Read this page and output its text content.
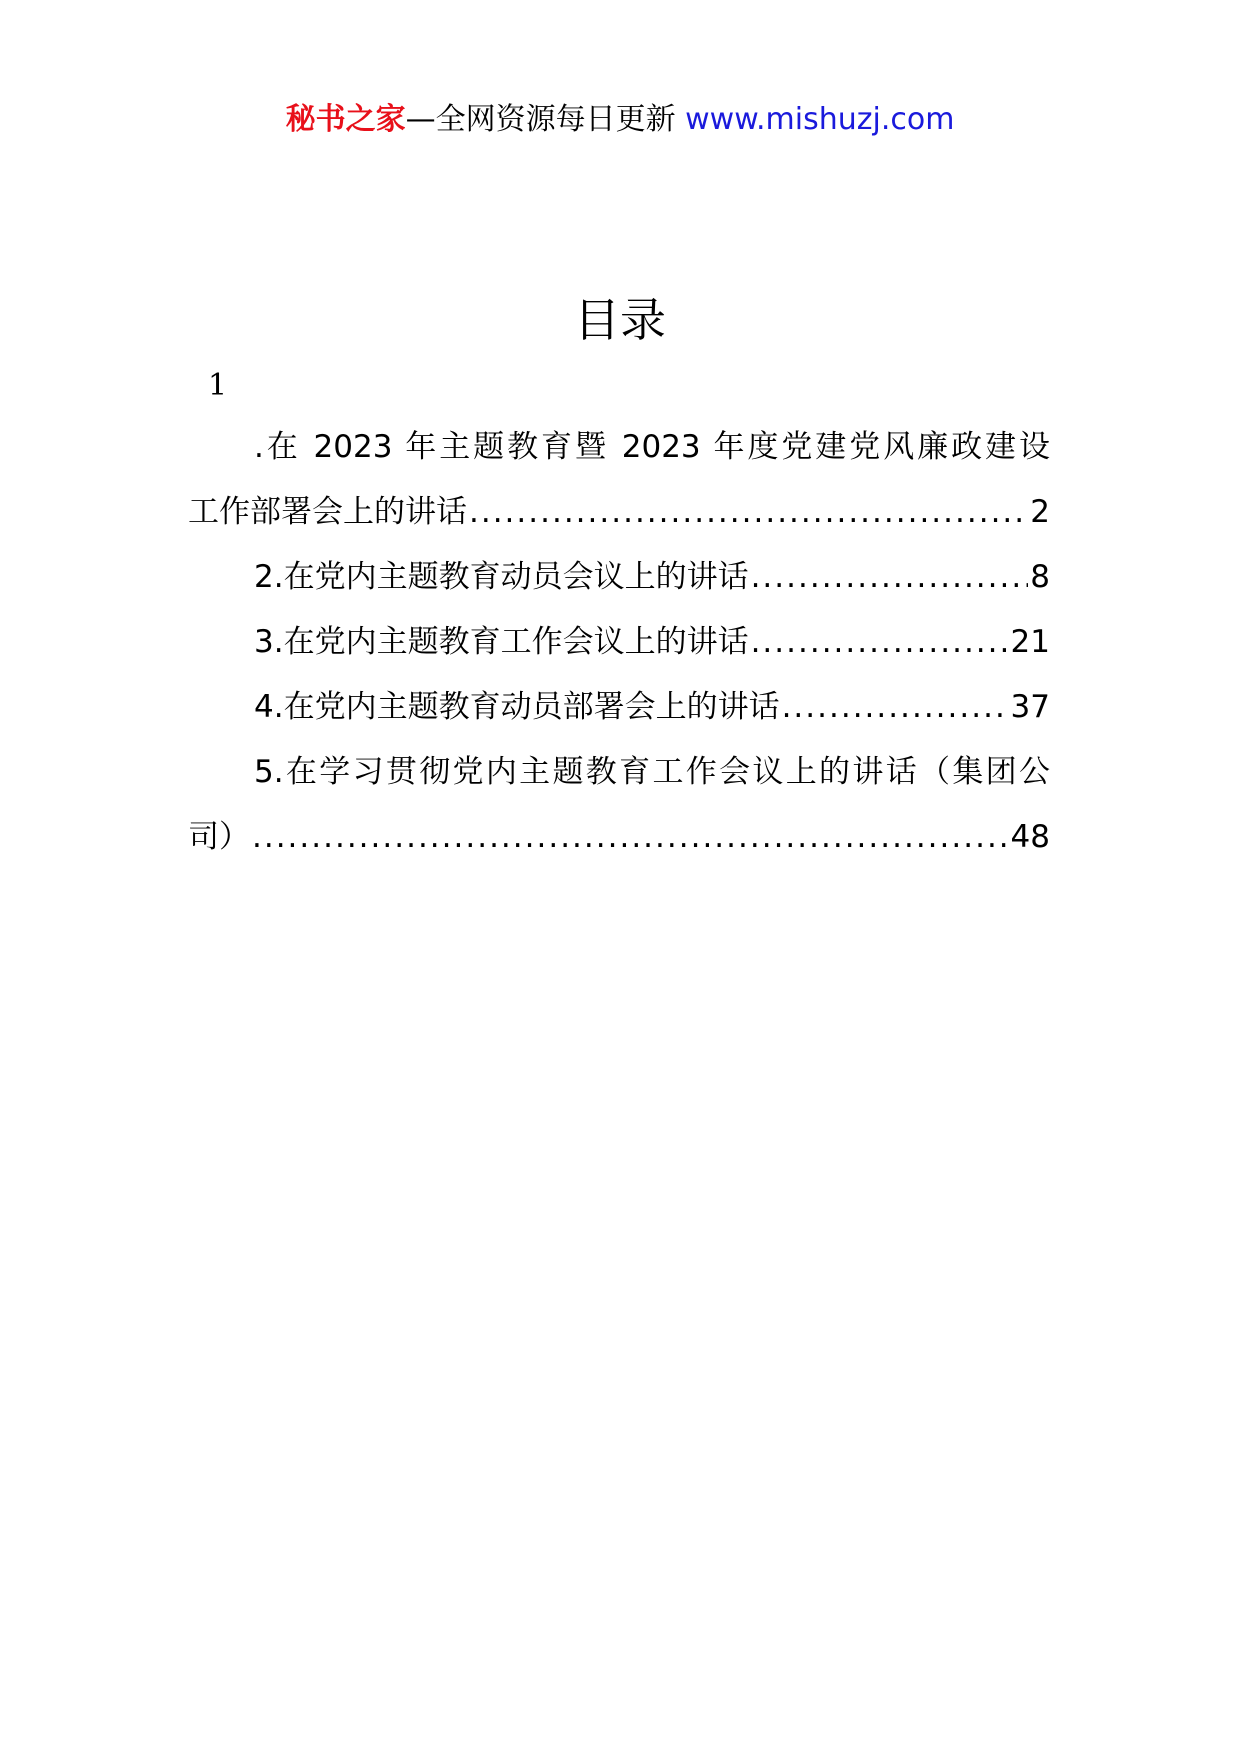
秘书之家—全网资源每日更新 www.mishuzj.com
目录
1
.在 2023 年主题教育暨 2023 年度党建党风廉政建设
工作部署会上的讲话 .....	2
2.在党内主题教育动员会议上的讲话 .....	8
3.在党内主题教育工作会议上的讲话 .....	21
4.在党内主题教育动员部署会上的讲话 .....	37
5.在学习贯彻党内主题教育工作会议上的讲话（集团公
司） .....	48
